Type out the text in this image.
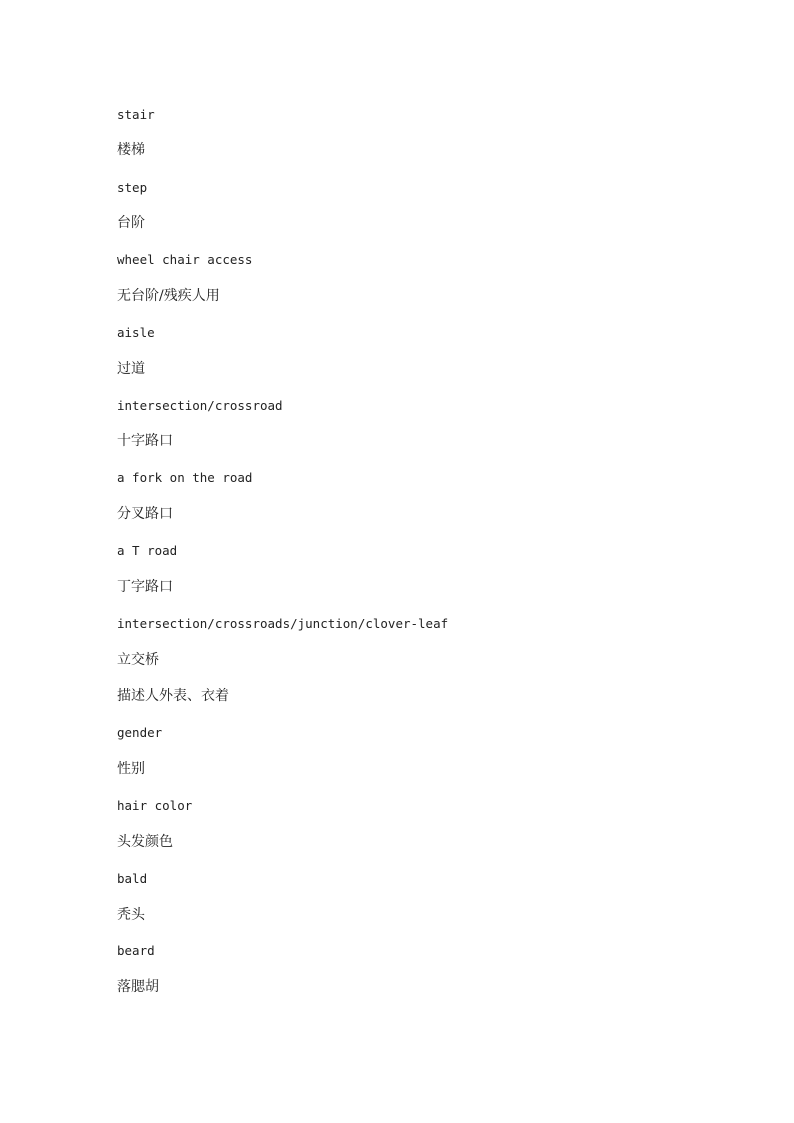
stair
楼梯
step
台阶
wheel chair access
无台阶/残疾人用
aisle
过道
intersection/crossroad
十字路口
a fork on the road
分叉路口
a T road
丁字路口
intersection/crossroads/junction/clover-leaf
立交桥
描述人外表、衣着
gender
性别
hair color
头发颜色
bald
秃头
beard
落腮胡
